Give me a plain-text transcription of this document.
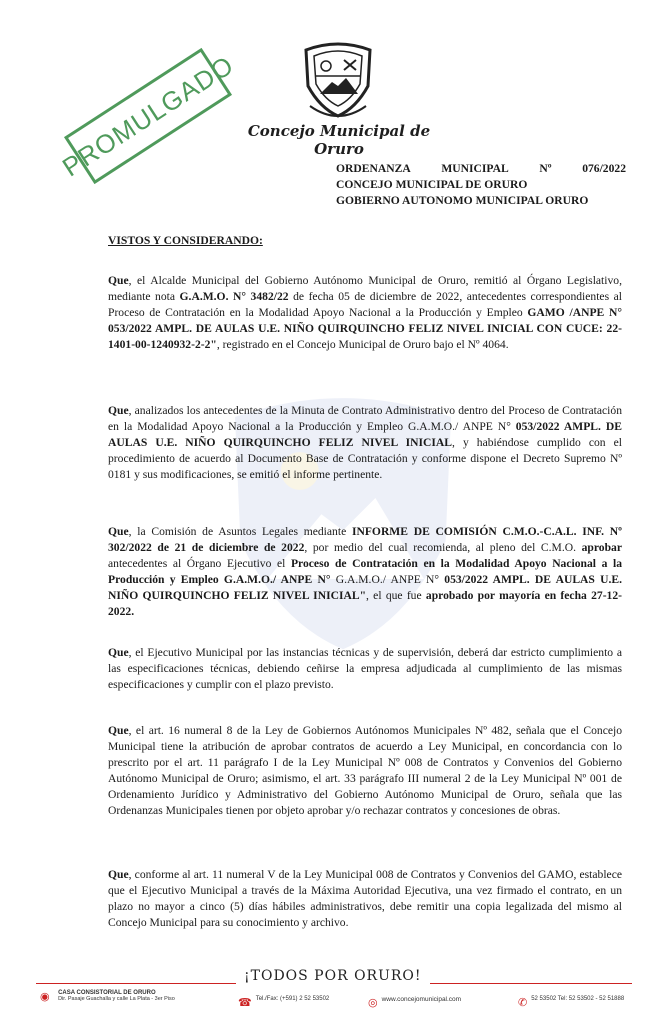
PROMULGADO Concejo Municipal de Oruro
ORDENANZA	MUNICIPAL	Nº	076/2022
CONCEJO MUNICIPAL DE ORURO
GOBIERNO AUTONOMO MUNICIPAL ORURO
VISTOS Y CONSIDERANDO:

Que, el Alcalde Municipal del Gobierno Autónomo Municipal de Oruro, remitió al Órgano Legislativo, mediante nota G.A.M.O. N° 3482/22 de fecha 05 de diciembre de 2022, antecedentes correspondientes al Proceso de Contratación en la Modalidad Apoyo Nacional a la Producción y Empleo GAMO /ANPE N° 053/2022 AMPL. DE AULAS U.E. NIÑO QUIRQUINCHO FELIZ NIVEL INICIAL CON CUCE: 22-1401-00-1240932-2-2", registrado en el Concejo Municipal de Oruro bajo el Nº 4064.

Que, analizados los antecedentes de la Minuta de Contrato Administrativo dentro del Proceso de Contratación en la Modalidad Apoyo Nacional a la Producción y Empleo G.A.M.O./ ANPE N° 053/2022 AMPL. DE AULAS U.E. NIÑO QUIRQUINCHO FELIZ NIVEL INICIAL, y habiéndose cumplido con el procedimiento de acuerdo al Documento Base de Contratación y conforme dispone el Decreto Supremo Nº 0181 y sus modificaciones, se emitió el informe pertinente.

Que, la Comisión de Asuntos Legales mediante INFORME DE COMISIÓN C.M.O.-C.A.L. INF. Nº 302/2022 de 21 de diciembre de 2022, por medio del cual recomienda, al pleno del C.M.O. aprobar antecedentes al Órgano Ejecutivo el Proceso de Contratación en la Modalidad Apoyo Nacional a la Producción y Empleo G.A.M.O./ ANPE N° G.A.M.O./ ANPE N° 053/2022 AMPL. DE AULAS U.E. NIÑO QUIRQUINCHO FELIZ NIVEL INICIAL", el que fue aprobado por mayoría en fecha 27-12-2022.

Que, el Ejecutivo Municipal por las instancias técnicas y de supervisión, deberá dar estricto cumplimiento a las especificaciones técnicas, debiendo ceñirse la empresa adjudicada al cumplimiento de las mismas especificaciones y cumplir con el plazo previsto.

Que, el art. 16 numeral 8 de la Ley de Gobiernos Autónomos Municipales Nº 482, señala que el Concejo Municipal tiene la atribución de aprobar contratos de acuerdo a Ley Municipal, en concordancia con lo prescrito por el art. 11 parágrafo I de la Ley Municipal Nº 008 de Contratos y Convenios del Gobierno Autónomo Municipal de Oruro; asimismo, el art. 33 parágrafo III numeral 2 de la Ley Municipal Nº 001 de Ordenamiento Jurídico y Administrativo del Gobierno Autónomo Municipal de Oruro, señala que las Ordenanzas Municipales tienen por objeto aprobar y/o rechazar contratos y concesiones de obras.

Que, conforme al art. 11 numeral V de la Ley Municipal 008 de Contratos y Convenios del GAMO, establece que el Ejecutivo Municipal a través de la Máxima Autoridad Ejecutiva, una vez firmado el contrato, en un plazo no mayor a cinco (5) días hábiles administrativos, debe remitir una copia legalizada del mismo al Concejo Municipal para su conocimiento y archivo.

¡TODOS POR ORURO!
◉ CASA CONSISTORIAL DE ORURO
Dir. Pasaje Guachalla y calle La Plata - 3er Piso	☎ Tel./Fax: (+591) 2 52 53502	◎ www.concejomunicipal.com	✆ 52 53502 Tel: 52 53502 - 52 51888
